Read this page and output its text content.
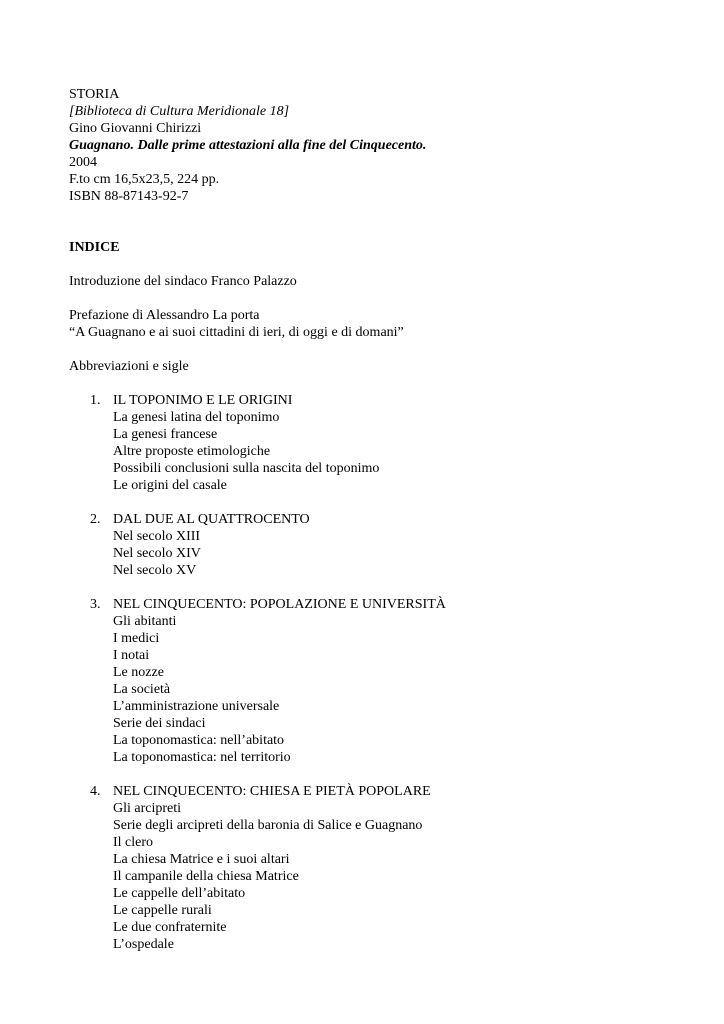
STORIA
[Biblioteca di Cultura Meridionale 18]
Gino Giovanni Chirizzi
Guagnano. Dalle prime attestazioni alla fine del Cinquecento.
2004
F.to cm 16,5x23,5, 224 pp.
ISBN 88-87143-92-7
INDICE
Introduzione del sindaco Franco Palazzo
Prefazione di Alessandro La porta
“A Guagnano e ai suoi cittadini di ieri, di oggi e di domani”
Abbreviazioni e sigle
1. IL TOPONIMO E LE ORIGINI
La genesi latina del toponimo
La genesi francese
Altre proposte etimologiche
Possibili conclusioni sulla nascita del toponimo
Le origini del casale
2. DAL DUE AL QUATTROCENTO
Nel secolo XIII
Nel secolo XIV
Nel secolo XV
3. NEL CINQUECENTO: POPOLAZIONE E UNIVERSITÀ
Gli abitanti
I medici
I notai
Le nozze
La società
L’amministrazione universale
Serie dei sindaci
La toponomastica: nell’abitato
La toponomastica: nel territorio
4. NEL CINQUECENTO: CHIESA E PIETÀ POPOLARE
Gli arcipreti
Serie degli arcipreti della baronia di Salice e Guagnano
Il clero
La chiesa Matrice e i suoi altari
Il campanile della chiesa Matrice
Le cappelle dell’abitato
Le cappelle rurali
Le due confraternite
L’ospedale
